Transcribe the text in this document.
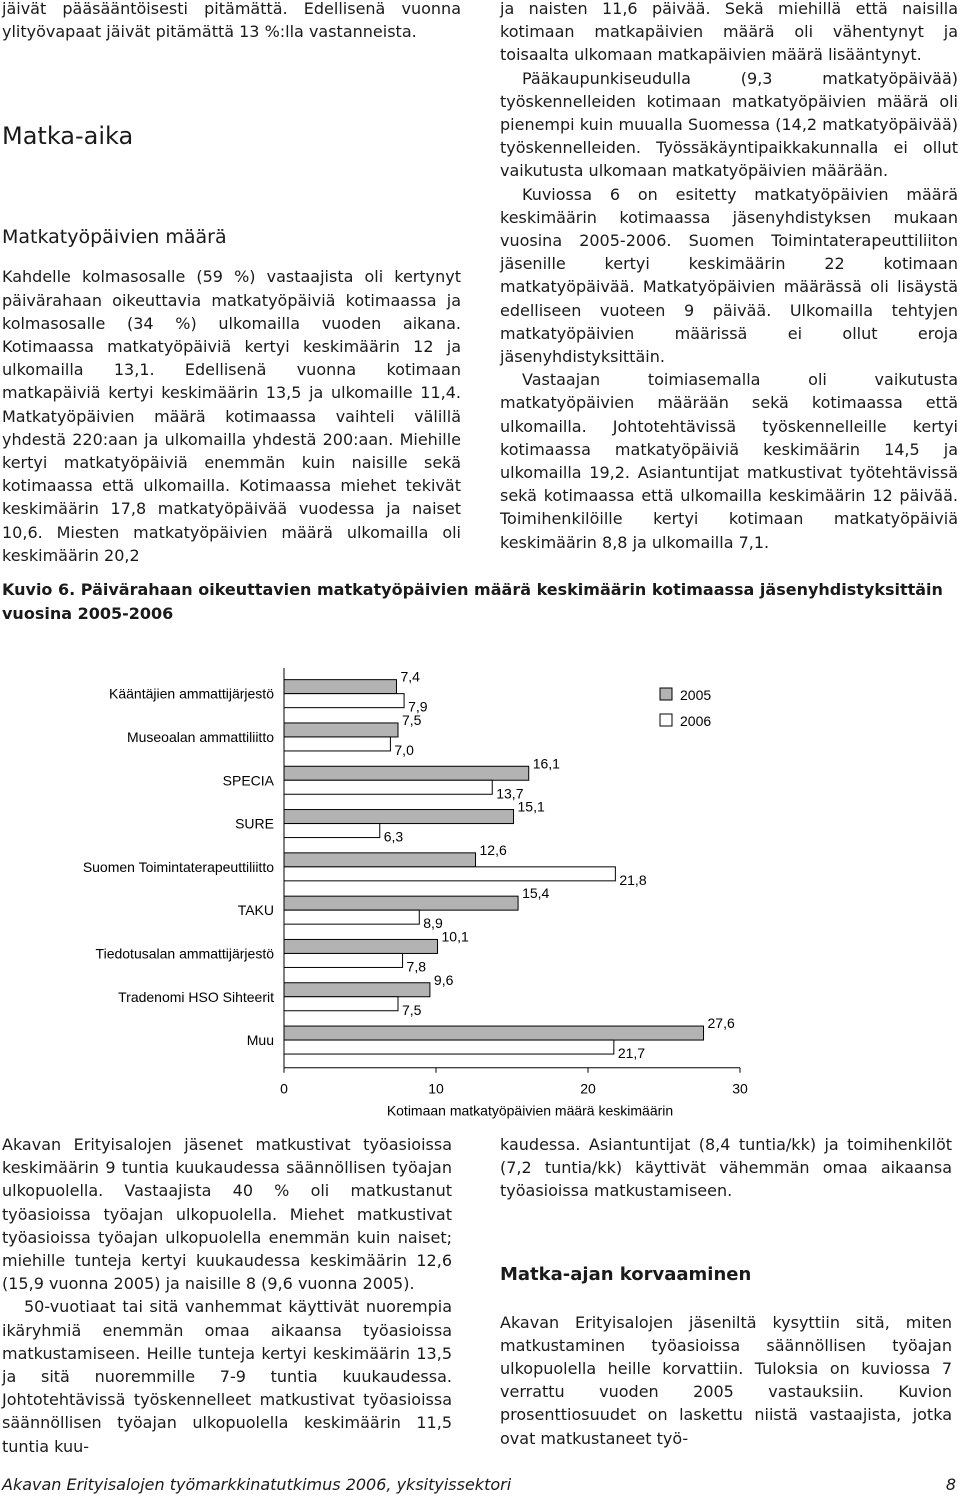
jäivät pääsääntöisesti pitämättä. Edellisenä vuonna ylityövapaat jäivät pitämättä 13 %:lla vastanneista.

Matka-aika
Matkatyöpäivien määrä

Kahdelle kolmasosalle (59 %) vastaajista oli kertynyt päivärahaan oikeuttavia matkatyöpäiviä kotimaassa ja kolmasosalle (34 %) ulkomailla vuoden aikana. Kotimaassa matkatyöpäiviä kertyi keskimäärin 12 ja ulkomailla 13,1. Edellisenä vuonna kotimaan matkapäiviä kertyi keskimäärin 13,5 ja ulkomaille 11,4. Matkatyöpäivien määrä kotimaassa vaihteli välillä yhdestä 220:aan ja ulkomailla yhdestä 200:aan. Miehille kertyi matkatyöpäiviä enemmän kuin naisille sekä kotimaassa että ulkomailla. Kotimaassa miehet tekivät keskimäärin 17,8 matkatyöpäivää vuodessa ja naiset 10,6. Miesten matkatyöpäivien määrä ulkomailla oli keskimäärin 20,2

ja naisten 11,6 päivää. Sekä miehillä että naisilla kotimaan matkapäivien määrä oli vähentynyt ja toisaalta ulkomaan matkapäivien määrä lisääntynyt.

Pääkaupunkiseudulla (9,3 matkatyöpäivää) työskennelleiden kotimaan matkatyöpäivien määrä oli pienempi kuin muualla Suomessa (14,2 matkatyöpäivää) työskennelleiden. Työssäkäyntipaikkakunnalla ei ollut vaikutusta ulkomaan matkatyöpäivien määrään.

Kuviossa 6 on esitetty matkatyöpäivien määrä keskimäärin kotimaassa jäsenyhdistyksen mukaan vuosina 2005-2006. Suomen Toimintaterapeuttiliiton jäsenille kertyi keskimäärin 22 kotimaan matkatyöpäivää. Matkatyöpäivien määrässä oli lisäystä edelliseen vuoteen 9 päivää. Ulkomailla tehtyjen matkatyöpäivien määrissä ei ollut eroja jäsenyhdistyksittäin.

Vastaajan toimiasemalla oli vaikutusta matkatyöpäivien määrään sekä kotimaassa että ulkomailla. Johtotehtävissä työskennelleille kertyi kotimaassa matkatyöpäiviä keskimäärin 14,5 ja ulkomailla 19,2. Asiantuntijat matkustivat työtehtävissä sekä kotimaassa että ulkomailla keskimäärin 12 päivää. Toimihenkilöille kertyi kotimaan matkatyöpäiviä keskimäärin 8,8 ja ulkomailla 7,1.

Kuvio 6. Päivärahaan oikeuttavien matkatyöpäivien määrä keskimäärin kotimaassa jäsenyhdistyksittäin vuosina 2005-2006
Kääntäjien ammattijärjestö
Museoalan ammattiliitto
SPECIA
SURE
Suomen Toimintaterapeuttiliitto
TAKU
Tiedotusalan ammattijärjestö
Tradenomi HSO Sihteerit
Muu
7,4
7,9
7,5
7,0
16,1
13,7
15,1
6,3
12,6
21,8
15,4
8,9
10,1
7,8
9,6
7,5
27,6
21,7
0	10	20	30
Kotimaan matkatyöpäivien määrä keskimäärin
2005
2006

Akavan Erityisalojen jäsenet matkustivat työasioissa keskimäärin 9 tuntia kuukaudessa säännöllisen työajan ulkopuolella. Vastaajista 40 % oli matkustanut työasioissa työajan ulkopuolella. Miehet matkustivat työasioissa työajan ulkopuolella enemmän kuin naiset; miehille tunteja kertyi kuukaudessa keskimäärin 12,6 (15,9 vuonna 2005) ja naisille 8 (9,6 vuonna 2005).

50-vuotiaat tai sitä vanhemmat käyttivät nuorempia ikäryhmiä enemmän omaa aikaansa työasioissa matkustamiseen. Heille tunteja kertyi keskimäärin 13,5 ja sitä nuoremmille 7-9 tuntia kuukaudessa. Johtotehtävissä työskennelleet matkustivat työasioissa säännöllisen työajan ulkopuolella keskimäärin 11,5 tuntia kuu-

kaudessa. Asiantuntijat (8,4 tuntia/kk) ja toimihenkilöt (7,2 tuntia/kk) käyttivät vähemmän omaa aikaansa työasioissa matkustamiseen.

Matka-ajan korvaaminen

Akavan Erityisalojen jäseniltä kysyttiin sitä, miten matkustaminen työasioissa säännöllisen työajan ulkopuolella heille korvattiin. Tuloksia on kuviossa 7 verrattu vuoden 2005 vastauksiin. Kuvion prosenttiosuudet on laskettu niistä vastaajista, jotka ovat matkustaneet työ-

Akavan Erityisalojen työmarkkinatutkimus 2006, yksityissektori	8
